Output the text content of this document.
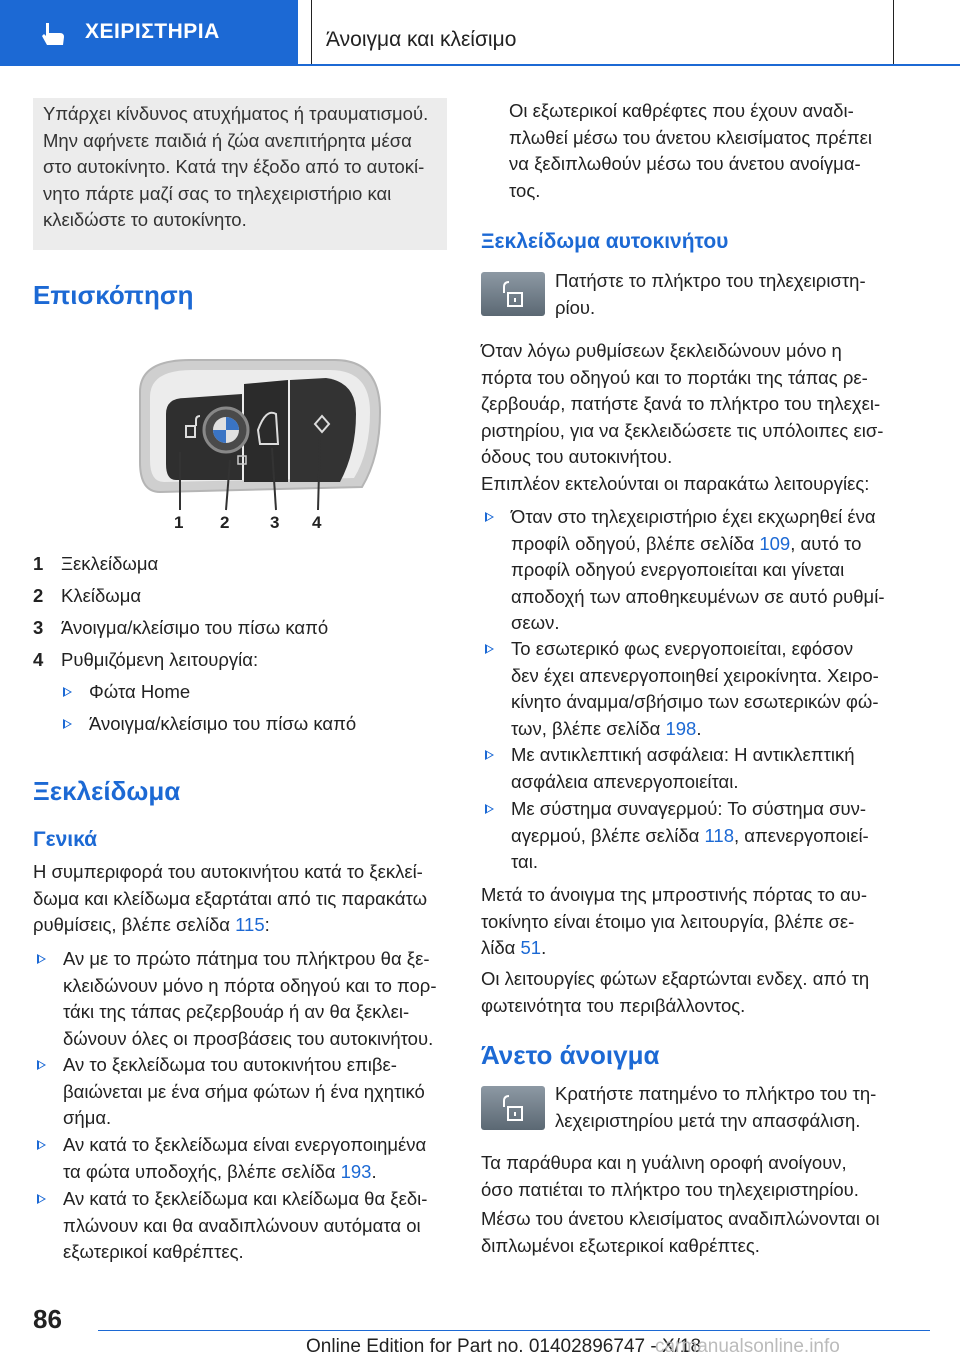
ΧΕΙΡΙΣΤΗΡΙΑ	Άνοιγμα και κλείσιμο
Υπάρχει κίνδυνος ατυχήματος ή τραυματισμού.
Μην αφήνετε παιδιά ή ζώα ανεπιτήρητα μέσα
στο αυτοκίνητο. Κατά την έξοδο από το αυτοκί-
νητο πάρτε μαζί σας το τηλεχειριστήριο και
κλειδώστε το αυτοκίνητο.
Επισκόπηση
1 2 3 4
1 Ξεκλείδωμα
2 Κλείδωμα
3 Άνοιγμα/κλείσιμο του πίσω καπό
4 Ρυθμιζόμενη λειτουργία:
Φώτα Home
Άνοιγμα/κλείσιμο του πίσω καπό
Ξεκλείδωμα
Γενικά
Η συμπεριφορά του αυτοκινήτου κατά το ξεκλεί-
δωμα και κλείδωμα εξαρτάται από τις παρακάτω
ρυθμίσεις, βλέπε σελίδα 115:
Αν με το πρώτο πάτημα του πλήκτρου θα ξε-
κλειδώνουν μόνο η πόρτα οδηγού και το πορ-
τάκι της τάπας ρεζερβουάρ ή αν θα ξεκλει-
δώνουν όλες οι προσβάσεις του αυτοκινήτου.
Αν το ξεκλείδωμα του αυτοκινήτου επιβε-
βαιώνεται με ένα σήμα φώτων ή ένα ηχητικό
σήμα.
Αν κατά το ξεκλείδωμα είναι ενεργοποιημένα
τα φώτα υποδοχής, βλέπε σελίδα 193.
Αν κατά το ξεκλείδωμα και κλείδωμα θα ξεδι-
πλώνουν και θα αναδιπλώνουν αυτόματα οι
εξωτερικοί καθρέπτες.
Οι εξωτερικοί καθρέφτες που έχουν αναδι-
πλωθεί μέσω του άνετου κλεισίματος πρέπει
να ξεδιπλωθούν μέσω του άνετου ανοίγμα-
τος.
Ξεκλείδωμα αυτοκινήτου
Πατήστε το πλήκτρο του τηλεχειριστη-
ρίου.
Όταν λόγω ρυθμίσεων ξεκλειδώνουν μόνο η
πόρτα του οδηγού και το πορτάκι της τάπας ρε-
ζερβουάρ, πατήστε ξανά το πλήκτρο του τηλεχει-
ριστηρίου, για να ξεκλειδώσετε τις υπόλοιπες εισ-
όδους του αυτοκινήτου.
Επιπλέον εκτελούνται οι παρακάτω λειτουργίες:
Όταν στο τηλεχειριστήριο έχει εκχωρηθεί ένα
προφίλ οδηγού, βλέπε σελίδα 109, αυτό το
προφίλ οδηγού ενεργοποιείται και γίνεται
αποδοχή των αποθηκευμένων σε αυτό ρυθμί-
σεων.
Το εσωτερικό φως ενεργοποιείται, εφόσον
δεν έχει απενεργοποιηθεί χειροκίνητα. Χειρο-
κίνητο άναμμα/σβήσιμο των εσωτερικών φώ-
των, βλέπε σελίδα 198.
Με αντικλεπτική ασφάλεια: Η αντικλεπτική
ασφάλεια απενεργοποιείται.
Με σύστημα συναγερμού: Το σύστημα συν-
αγερμού, βλέπε σελίδα 118, απενεργοποιεί-
ται.
Μετά το άνοιγμα της μπροστινής πόρτας το αυ-
τοκίνητο είναι έτοιμο για λειτουργία, βλέπε σε-
λίδα 51.
Οι λειτουργίες φώτων εξαρτώνται ενδεχ. από τη
φωτεινότητα του περιβάλλοντος.
Άνετο άνοιγμα
Κρατήστε πατημένο το πλήκτρο του τη-
λεχειριστηρίου μετά την απασφάλιση.
Τα παράθυρα και η γυάλινη οροφή ανοίγουν,
όσο πατιέται το πλήκτρο του τηλεχειριστηρίου.
Μέσω του άνετου κλεισίματος αναδιπλώνονται οι
διπλωμένοι εξωτερικοί καθρέπτες.
86
Online Edition for Part no. 01402896747 - X/18
carmanualsonline.info
